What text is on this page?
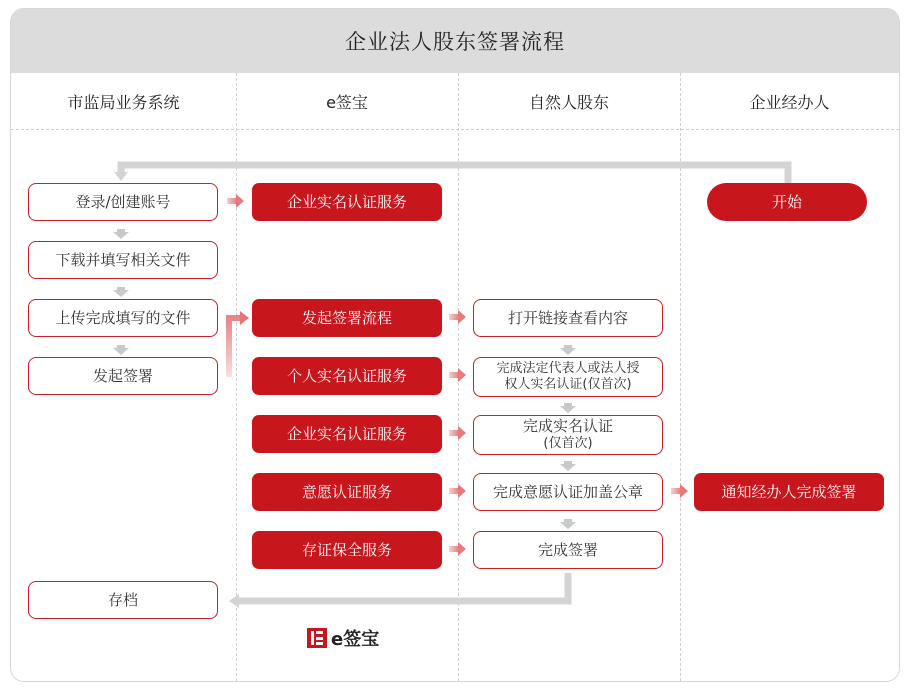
企业法人股东签署流程
市监局业务系统	e签宝	自然人股东	企业经办人
登录/创建账号
下载并填写相关文件
上传完成填写的文件
发起签署
存档
企业实名认证服务
发起签署流程
个人实名认证服务
企业实名认证服务
意愿认证服务
存证保全服务
打开链接查看内容
完成法定代表人或法人授
权人实名认证(仅首次)
完成实名认证
(仅首次)
完成意愿认证加盖公章
完成签署
开始
通知经办人完成签署
e签宝
